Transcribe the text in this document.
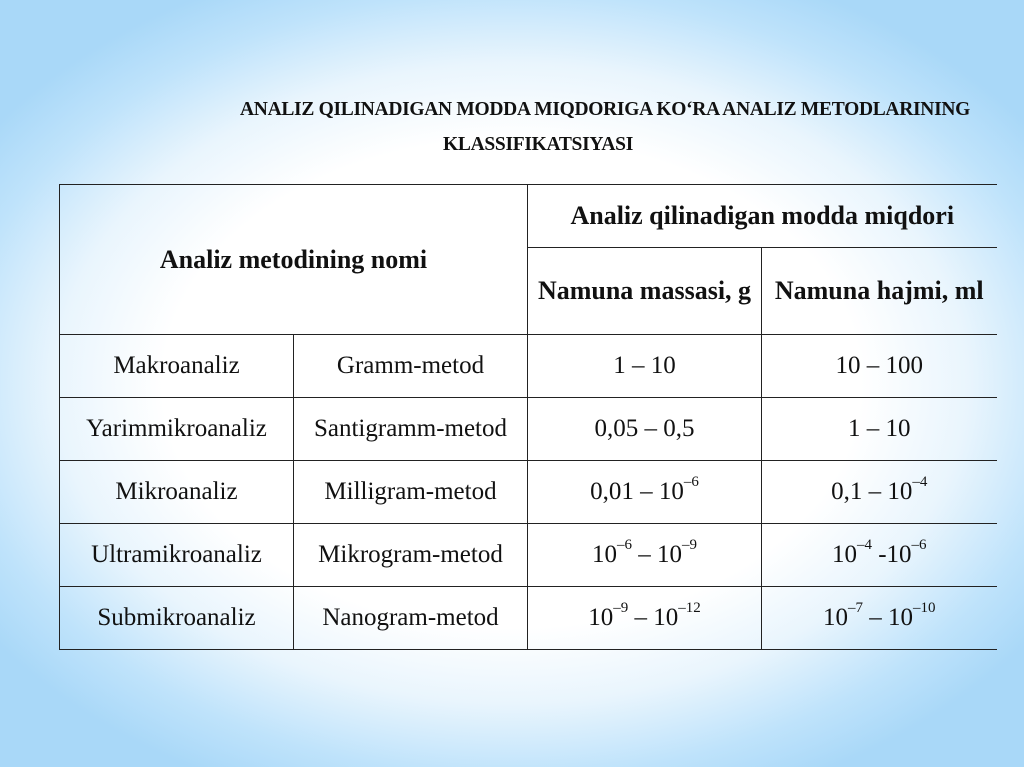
ANALIZ QILINADIGAN MODDA MIQDORIGA KO‘RA ANALIZ METODLARINING
KLASSIFIKATSIYASI
Analiz metodining nomi		Analiz qilinadigan modda miqdori	
		Namuna massasi, g	Namuna hajmi, ml
Makroanaliz	Gramm-metod	1 – 10	10 – 100
Yarimmikroanaliz	Santigramm-metod	0,05 – 0,5	1 – 10
Mikroanaliz	Milligram-metod	$0,01 - 10^{-6}$	$0,1 - 10^{-4}$
Ultramikroanaliz	Mikrogram-metod	$10^{-6} - 10^{-9}$	$10^{-4}$ $-10^{-6}$
Submikroanaliz	Nanogram-metod	$10^{-9} - 10^{-12}$	$10^{-7} - 10^{-10}$
